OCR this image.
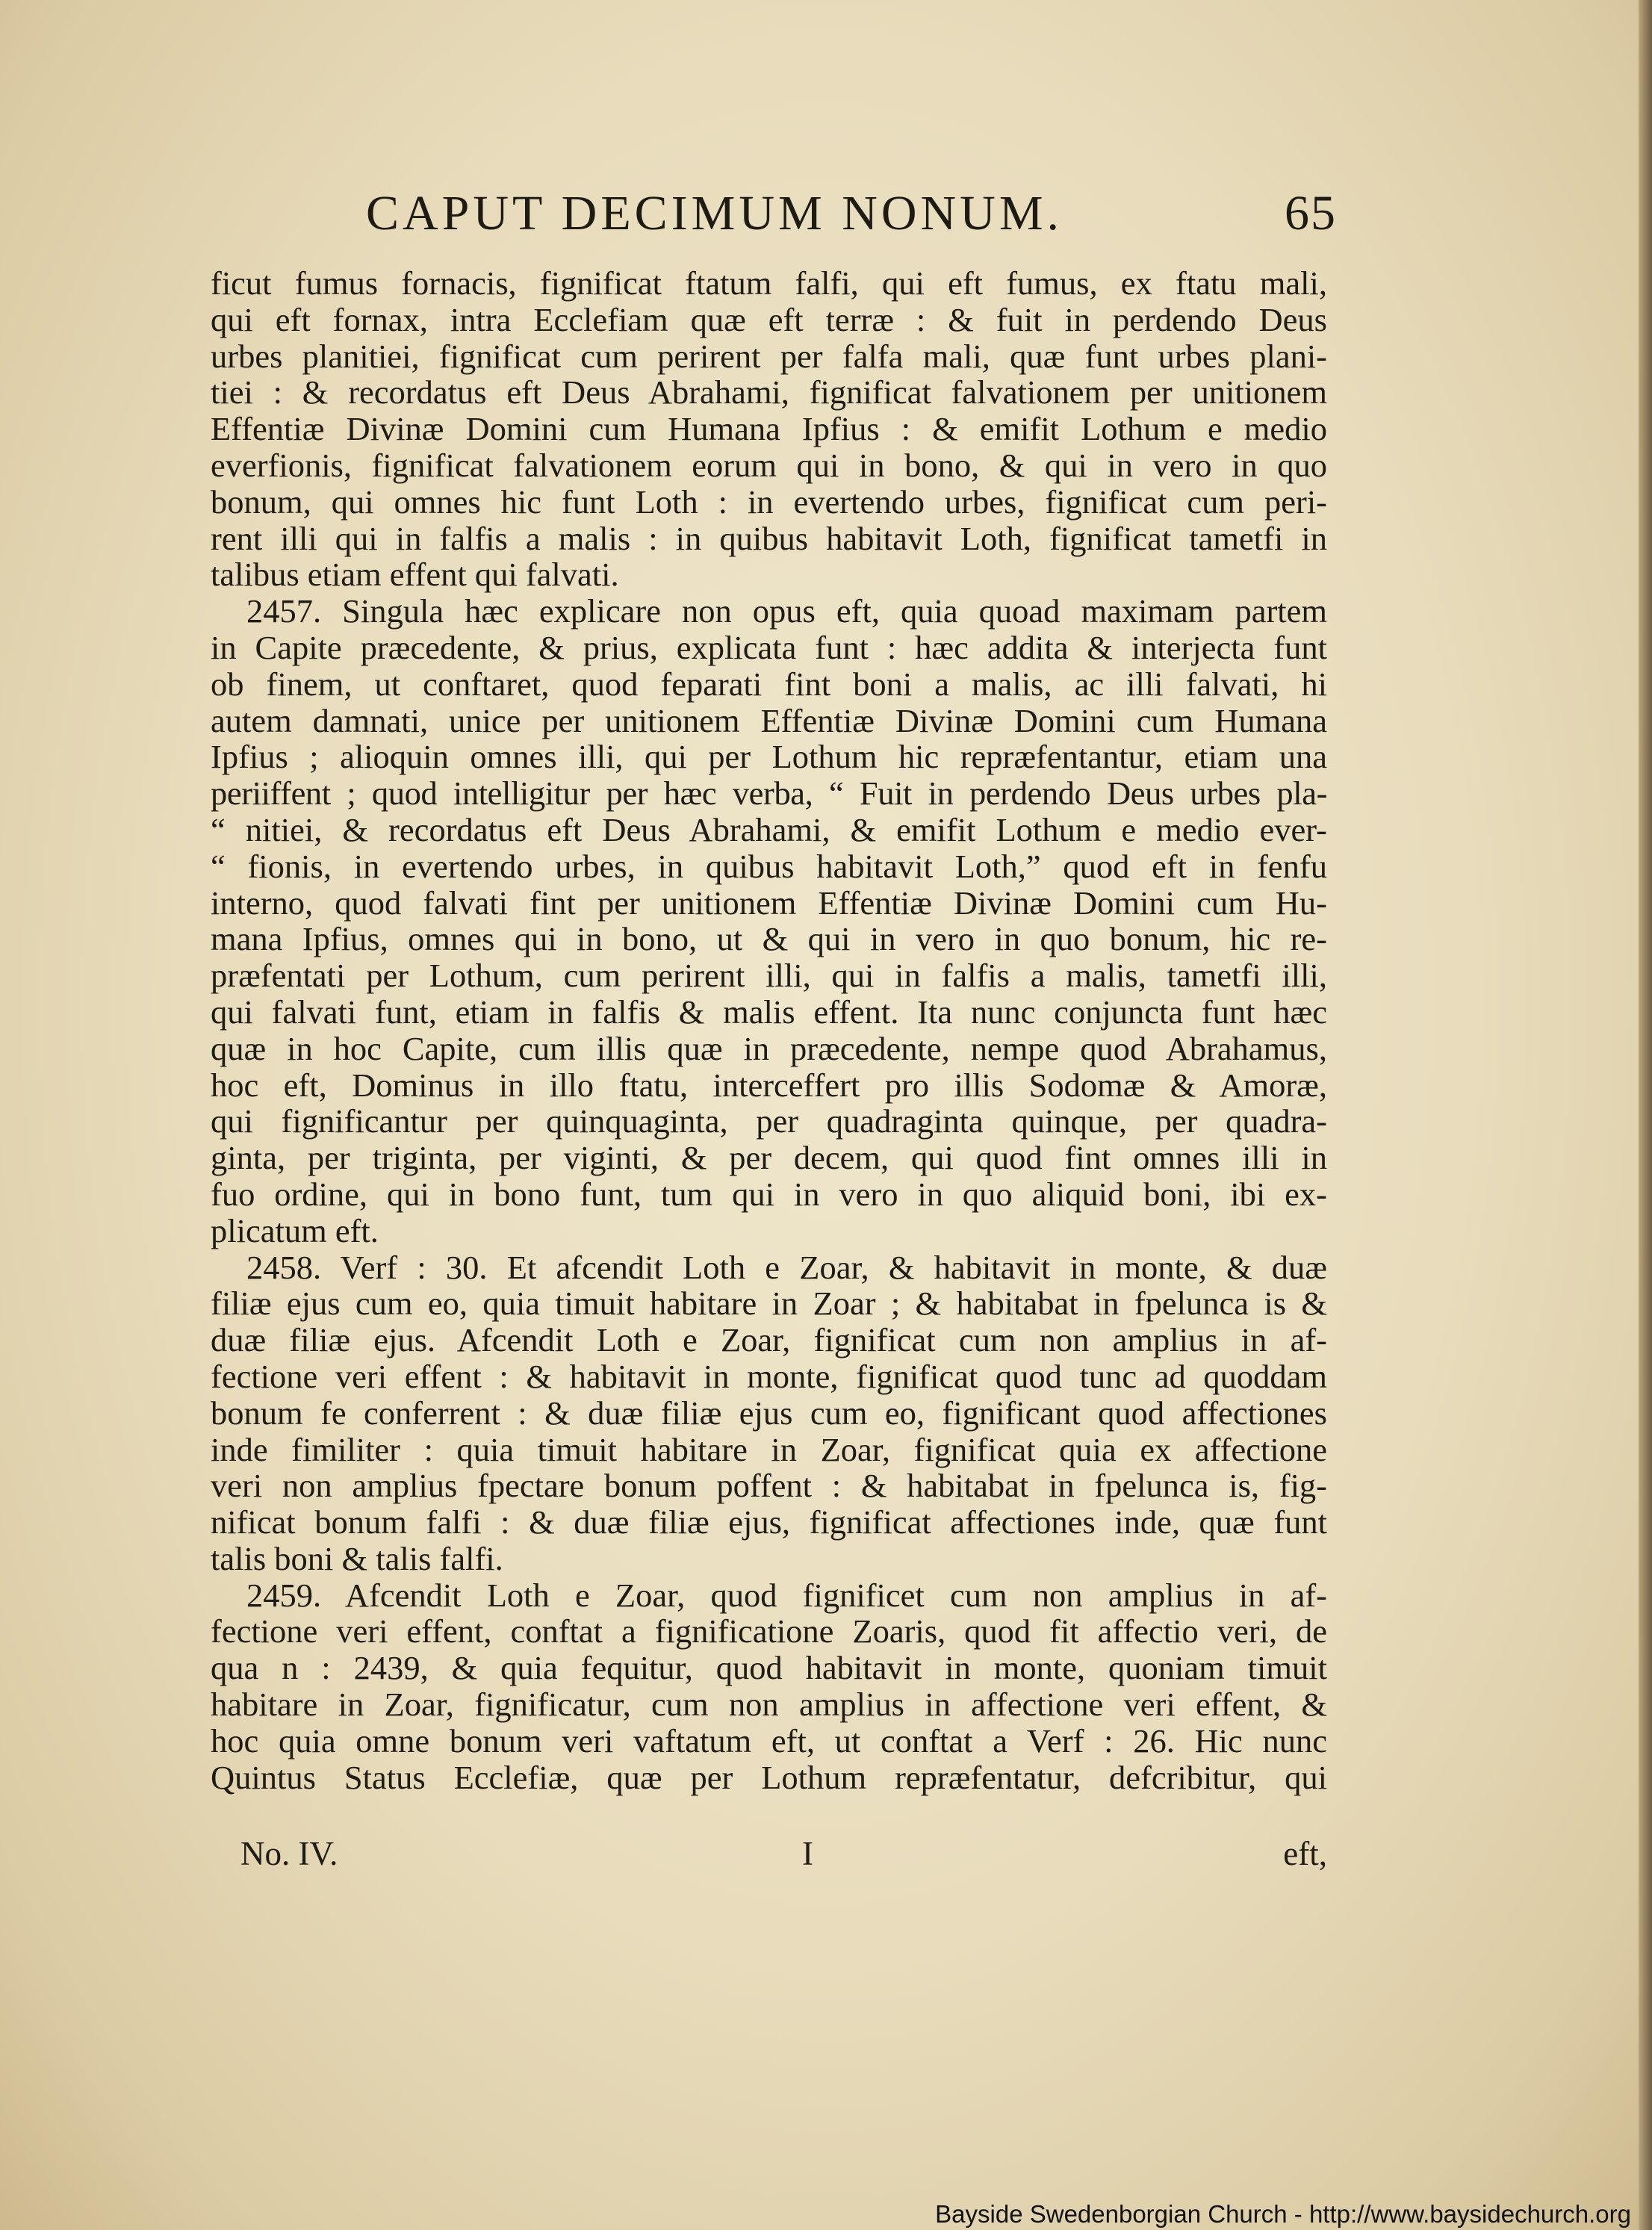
CAPUT DECIMUM NONUM.	65
ficut fumus fornacis, fignificat ftatum falfi, qui eft fumus, ex ftatu mali,
qui eft fornax, intra Ecclefiam quæ eft terræ : & fuit in perdendo Deus
urbes planitiei, fignificat cum perirent per falfa mali, quæ funt urbes plani-
tiei : & recordatus eft Deus Abrahami, fignificat falvationem per unitionem
Effentiæ Divinæ Domini cum Humana Ipfius : & emifit Lothum e medio
everfionis, fignificat falvationem eorum qui in bono, & qui in vero in quo
bonum, qui omnes hic funt Loth : in evertendo urbes, fignificat cum peri-
rent illi qui in falfis a malis : in quibus habitavit Loth, fignificat tametfi in
talibus etiam effent qui falvati.
2457. Singula hæc explicare non opus eft, quia quoad maximam partem
in Capite præcedente, & prius, explicata funt : hæc addita & interjecta funt
ob finem, ut conftaret, quod feparati fint boni a malis, ac illi falvati, hi
autem damnati, unice per unitionem Effentiæ Divinæ Domini cum Humana
Ipfius ; alioquin omnes illi, qui per Lothum hic repræfentantur, etiam una
periiffent ; quod intelligitur per hæc verba, “ Fuit in perdendo Deus urbes pla-
“ nitiei, & recordatus eft Deus Abrahami, & emifit Lothum e medio ever-
“ fionis, in evertendo urbes, in quibus habitavit Loth,” quod eft in fenfu
interno, quod falvati fint per unitionem Effentiæ Divinæ Domini cum Hu-
mana Ipfius, omnes qui in bono, ut & qui in vero in quo bonum, hic re-
præfentati per Lothum, cum perirent illi, qui in falfis a malis, tametfi illi,
qui falvati funt, etiam in falfis & malis effent. Ita nunc conjuncta funt hæc
quæ in hoc Capite, cum illis quæ in præcedente, nempe quod Abrahamus,
hoc eft, Dominus in illo ftatu, interceffert pro illis Sodomæ & Amoræ,
qui fignificantur per quinquaginta, per quadraginta quinque, per quadra-
ginta, per triginta, per viginti, & per decem, qui quod fint omnes illi in
fuo ordine, qui in bono funt, tum qui in vero in quo aliquid boni, ibi ex-
plicatum eft.
2458. Verf : 30. Et afcendit Loth e Zoar, & habitavit in monte, & duæ
filiæ ejus cum eo, quia timuit habitare in Zoar ; & habitabat in fpelunca is &
duæ filiæ ejus. Afcendit Loth e Zoar, fignificat cum non amplius in af-
fectione veri effent : & habitavit in monte, fignificat quod tunc ad quoddam
bonum fe conferrent : & duæ filiæ ejus cum eo, fignificant quod affectiones
inde fimiliter : quia timuit habitare in Zoar, fignificat quia ex affectione
veri non amplius fpectare bonum poffent : & habitabat in fpelunca is, fig-
nificat bonum falfi : & duæ filiæ ejus, fignificat affectiones inde, quæ funt
talis boni & talis falfi.
2459. Afcendit Loth e Zoar, quod fignificet cum non amplius in af-
fectione veri effent, conftat a fignificatione Zoaris, quod fit affectio veri, de
qua n : 2439, & quia fequitur, quod habitavit in monte, quoniam timuit
habitare in Zoar, fignificatur, cum non amplius in affectione veri effent, &
hoc quia omne bonum veri vaftatum eft, ut conftat a Verf : 26. Hic nunc
Quintus Status Ecclefiæ, quæ per Lothum repræfentatur, defcribitur, qui
No. IV.	I	eft,
Bayside Swedenborgian Church - http://www.baysidechurch.org
